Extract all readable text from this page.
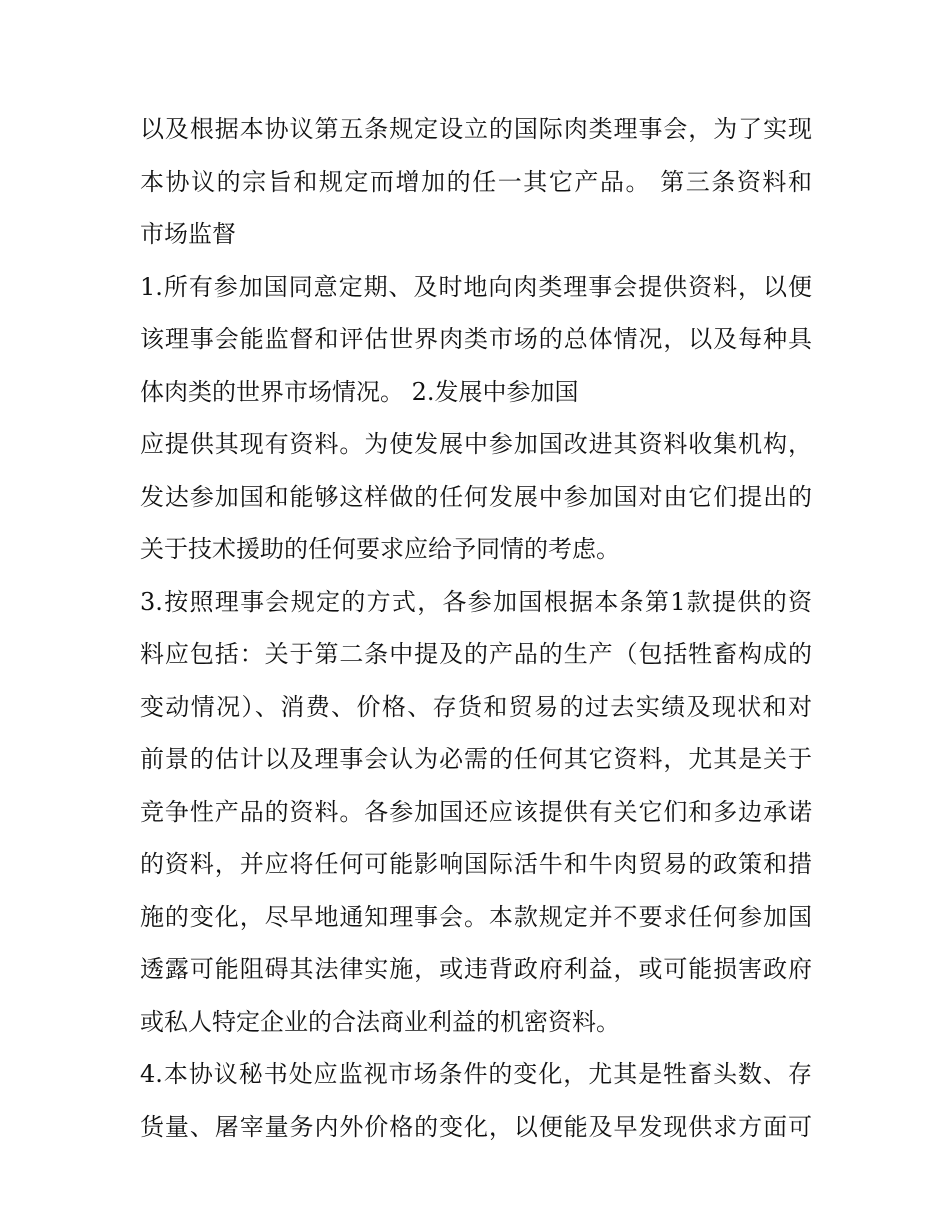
以及根据本协议第五条规定设立的国际肉类理事会，为了实现
本协议的宗旨和规定而增加的任一其它产品。 第三条资料和
市场监督
1.所有参加国同意定期、及时地向肉类理事会提供资料，以便
该理事会能监督和评估世界肉类市场的总体情况，以及每种具
体肉类的世界市场情况。 2.发展中参加国
应提供其现有资料。为使发展中参加国改进其资料收集机构，
发达参加国和能够这样做的任何发展中参加国对由它们提出的
关于技术援助的任何要求应给予同情的考虑。
3.按照理事会规定的方式，各参加国根据本条第1款提供的资
料应包括：关于第二条中提及的产品的生产（包括牲畜构成的
变动情况）、消费、价格、存货和贸易的过去实绩及现状和对
前景的估计以及理事会认为必需的任何其它资料，尤其是关于
竞争性产品的资料。各参加国还应该提供有关它们和多边承诺
的资料，并应将任何可能影响国际活牛和牛肉贸易的政策和措
施的变化，尽早地通知理事会。本款规定并不要求任何参加国
透露可能阻碍其法律实施，或违背政府利益，或可能损害政府
或私人特定企业的合法商业利益的机密资料。
4.本协议秘书处应监视市场条件的变化，尤其是牲畜头数、存
货量、屠宰量务内外价格的变化，以便能及早发现供求方面可
